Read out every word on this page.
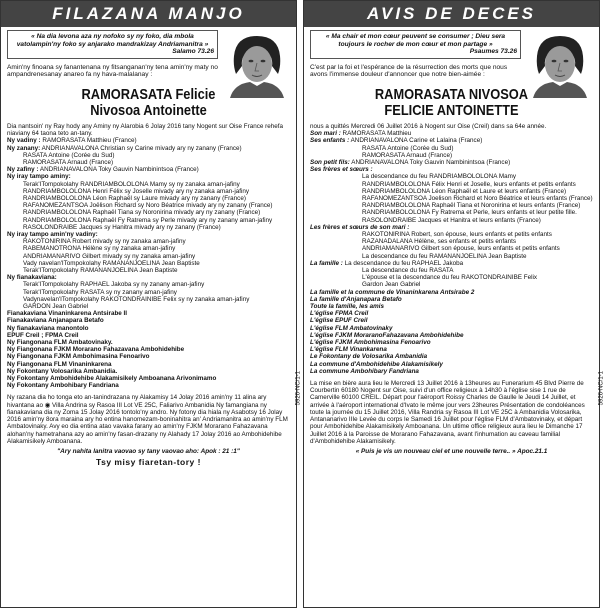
FILAZANA MANJO
« Na dia levona aza ny nofoko sy ny foko, dia mbola vatolampin'ny foko sy anjarako mandrakizay Andriamanitra »

Salamo 73.26
Amin'ny finoana sy fanantenana ny fitsanganan'ny tena amin'ny maty no ampandrenesanay anareo fa ny hava-malalanay :
RAMORASATA Felicie
Nivosoa Antoinette

Dia nantsoin' ny Ray hody any Aminy ny Alarobia 6 Jolay 2016 tany Nogent sur Oise France rehefa niaviany 64 taona teto an-tany.

Ny vadiny : RAMORASATA Matthieu (France)

Ny zanany: ANDRIANAVALONA Christian sy Carine mivady ary ny zanany (France)

RASATA Antoine (Corée du Sud)

RAMORASATA Arnaud (France)

Ny zafiny : ANDRIANAVALONA Toky Gauvin Nambinintsoa (France)

Ny iray tampo aminy:

Terak'ITompokolahy RANDRIAMBOLOLONA Mamy sy ny zanaka aman-jafiny

RANDRIAMBOLOLONA Henri Félix sy Joselle mivady ary ny zanaka aman-jafiny

RANDRIAMBOLOLONA Léon Raphaël sy Laure mivady ary ny zanany (France)

RAFANOMEZANTSOA Joëlison Richard sy Noro Béatrice mivady ary ny zanany (France)

RANDRIAMBOLOLONA Raphaël Tiana sy Noronirina mivady ary ny zanany (France)

RANDRIAMBOLOLONA Raphaël Fy Ratrema sy Perle mivady ary ny zanany aman-jafiny

RASOLONDRAIBE Jacques sy Hanitra mivady ary ny zanany (France)

Ny iray tampo amin'ny vadiny:

RAKOTONIRINA Robert mivady sy ny zanaka aman-jafiny

RABEMANOTRONA Hélène sy ny zanaka aman-jafiny

ANDRIAMANARIVO Gilbert mivady sy ny zanaka aman-jafiny

Vady navelan'ITompokolahy RAMANANJOELINA Jean Baptiste

Terak'ITompokolahy RAMANANJOELINA Jean Baptiste

Ny fianakaviana:

Terak'ITompokolahy RAPHAEL Jakoba sy ny zanany aman-jafiny

Terak'ITompokolahy RASATA sy ny zanany aman-jafiny

Vadynavelan'ITompokolahy RAKOTONDRAINIBE Felix sy ny zanaka aman-jafiny

GARDON Jean Gabriel

Fianakaviana Vinaninkarena Antsirabe II

Fianakaviana Anjanapara Betafo

Ny fianakaviana manontolo

EPUF Creil ; FPMA Creil

Ny Fiangonana FLM Ambatovinaky.

Ny Fiangonana FJKM Morarano Fahazavana Ambohidehibe

Ny Fiangonana FJKM Ambohimasina Fenoarivo

Ny Fiangonana FLM Vinaninkarena

Ny Fokontany Volosarika Ambanidia.

Ny Fokontany Ambohidehibe Alakamisikely Amboanana Arivonimamo

Ny Fokontany Ambohibary Fandriana

Ny razana dia ho tonga eto an-tanindrazana ny Alakamisy 14 Jolay 2016 amin'ny 11 alina ary hivantana ao ◉ Villa Andrina sy Rasoa III Lot VE 25C, Faliarivo Ambanidia Ny famangiana ny fianakaviana dia ny Zoma 15 Jolay 2016 tontolo'ny andro. Ny fotony dia hiala ny Asabotsy 16 Jolay 2016 amin'ny 8ora maraina ary ho entina hanomezam-boninahitra an' Andriamanitra ao amin'ny FLM Ambatovinaky. Avy eo dia entina atao vavaka farany ao amin'ny FJKM Morarano Fahazavana alohan'ny hametrahana azy ao amin'ny fasan-drazany ny Alahady 17 Jolay 2016 ao Ambohidehibe Alakamisikely Amboanana.

"Ary nahita lanitra vaovao sy tany vaovao aho: Apok : 21 :1"
Tsy misy fiaretan-tory !
5926-NC/1-1
AVIS DE DECES
« Ma chair et mon cœur peuvent se consumer ; Dieu sera toujours le rocher de mon cœur et mon partage »

Psaumes 73.26
C'est par la foi et l'espérance de la résurrection des morts que nous avons l'immense douleur d'annoncer que notre bien-aimée :
RAMORASATA NIVOSOA
FELICIE ANTOINETTE

nous a quittés Mercredi 06 Juillet 2016 à Nogent sur Oise (Creil) dans sa 64e année.

Son mari : RAMORASATA Matthieu

Ses enfants : ANDRIANAVALONA Carine et Lalaina (France)

RASATA Antoine (Corée du Sud)

RAMORASATA Arnaud (France)

Son petit fils: ANDRIANAVALONA Toky Gauvin Nambinintsoa (France)

Ses frères et sœurs :

La descendance du feu RANDRIAMBOLOLONA Mamy

RANDRIAMBOLOLONA Félix Henri et Joselle, leurs enfants et petits enfants

RANDRIAMBOLOLONA Léon Raphaël et Laure et leurs enfants (France)

RAFANOMEZANTSOA Joelison Richard et Noro Béatrice et leurs enfants (France)

RANDRIAMBOLOLONA Raphaël Tiana et Noronirina et leurs enfants (France)

RANDRIAMBOLOLONA Fy Ratrema et Perle, leurs enfants et leur petite fille.

RASOLONDRAIBE Jacques et Hanitra et leurs enfants (France)

Les frères et sœurs de son mari :

RAKOTONIRINA Robert, son épouse, leurs enfants et petits enfants

RAZANADALANA Hélène, ses enfants et petits enfants

ANDRIAMANARIVO Gilbert son épouse, leurs enfants et petits enfants

La descendance du feu RAMANANJOELINA Jean Baptiste

La famille : La descendance du feu RAPHAEL Jakoba

La descendance du feu RASATA

L'épouse et la descendance du feu RAKOTONDRAINIBE Felix

Gardon Jean Gabriel

La famille et la commune de Vinaninkarena Antsirabe 2

La famille d'Anjanapara Betafo

Toute la famille, les amis

L'église FPMA Creil

L'église EPUF Creil

L'église FLM Ambatovinaky

L'église FJKM MoraranoFahazavana Ambohidehibe

L'église FJKM Ambohimasina Fenoarivo

L'église FLM Vinankarena

Le Fokontany de Volosarika Ambanidia

La commune d'Ambohidehibe Alakamisikely

La commune Ambohibary Fandriana

La mise en bière aura lieu le Mercredi 13 Juillet 2016 à 13heures au Funerarium 45 Blvd Pierre de Courbertin 60180 Nogent sur Oise, suivi d'un office religieux à 14h30 à l'église sise 1 rue de Camerville 60100 CREIL. Départ pour l'aéroport Roissy Charles de Gaulle le Jeudi 14 Juillet, et arrivée à l'aéroport international d'Ivato le même jour vers 23heures Présentation de condoléances toute la journée du 15 Juillet 2016, Villa Randria sy Rasoa III Lot VE 25C à Ambanidia Volosarika, Antananarivo IIIe Levée du corps le Samedi 16 Juillet pour l'église FLM d'Ambatovinaky, et départ pour Ambohidehibe Alakamisikely Amboanana. Un ultime office religieux aura lieu le Dimanche 17 Juillet 2016 à la Paroisse de Morarano Fahazavana, avant l'inhumation au caveau familial d'Ambohidehibe Alakamisikely.

« Puis je vis un nouveau ciel et une nouvelle terre.. » Apoc.21.1
5926-NC/1-1
